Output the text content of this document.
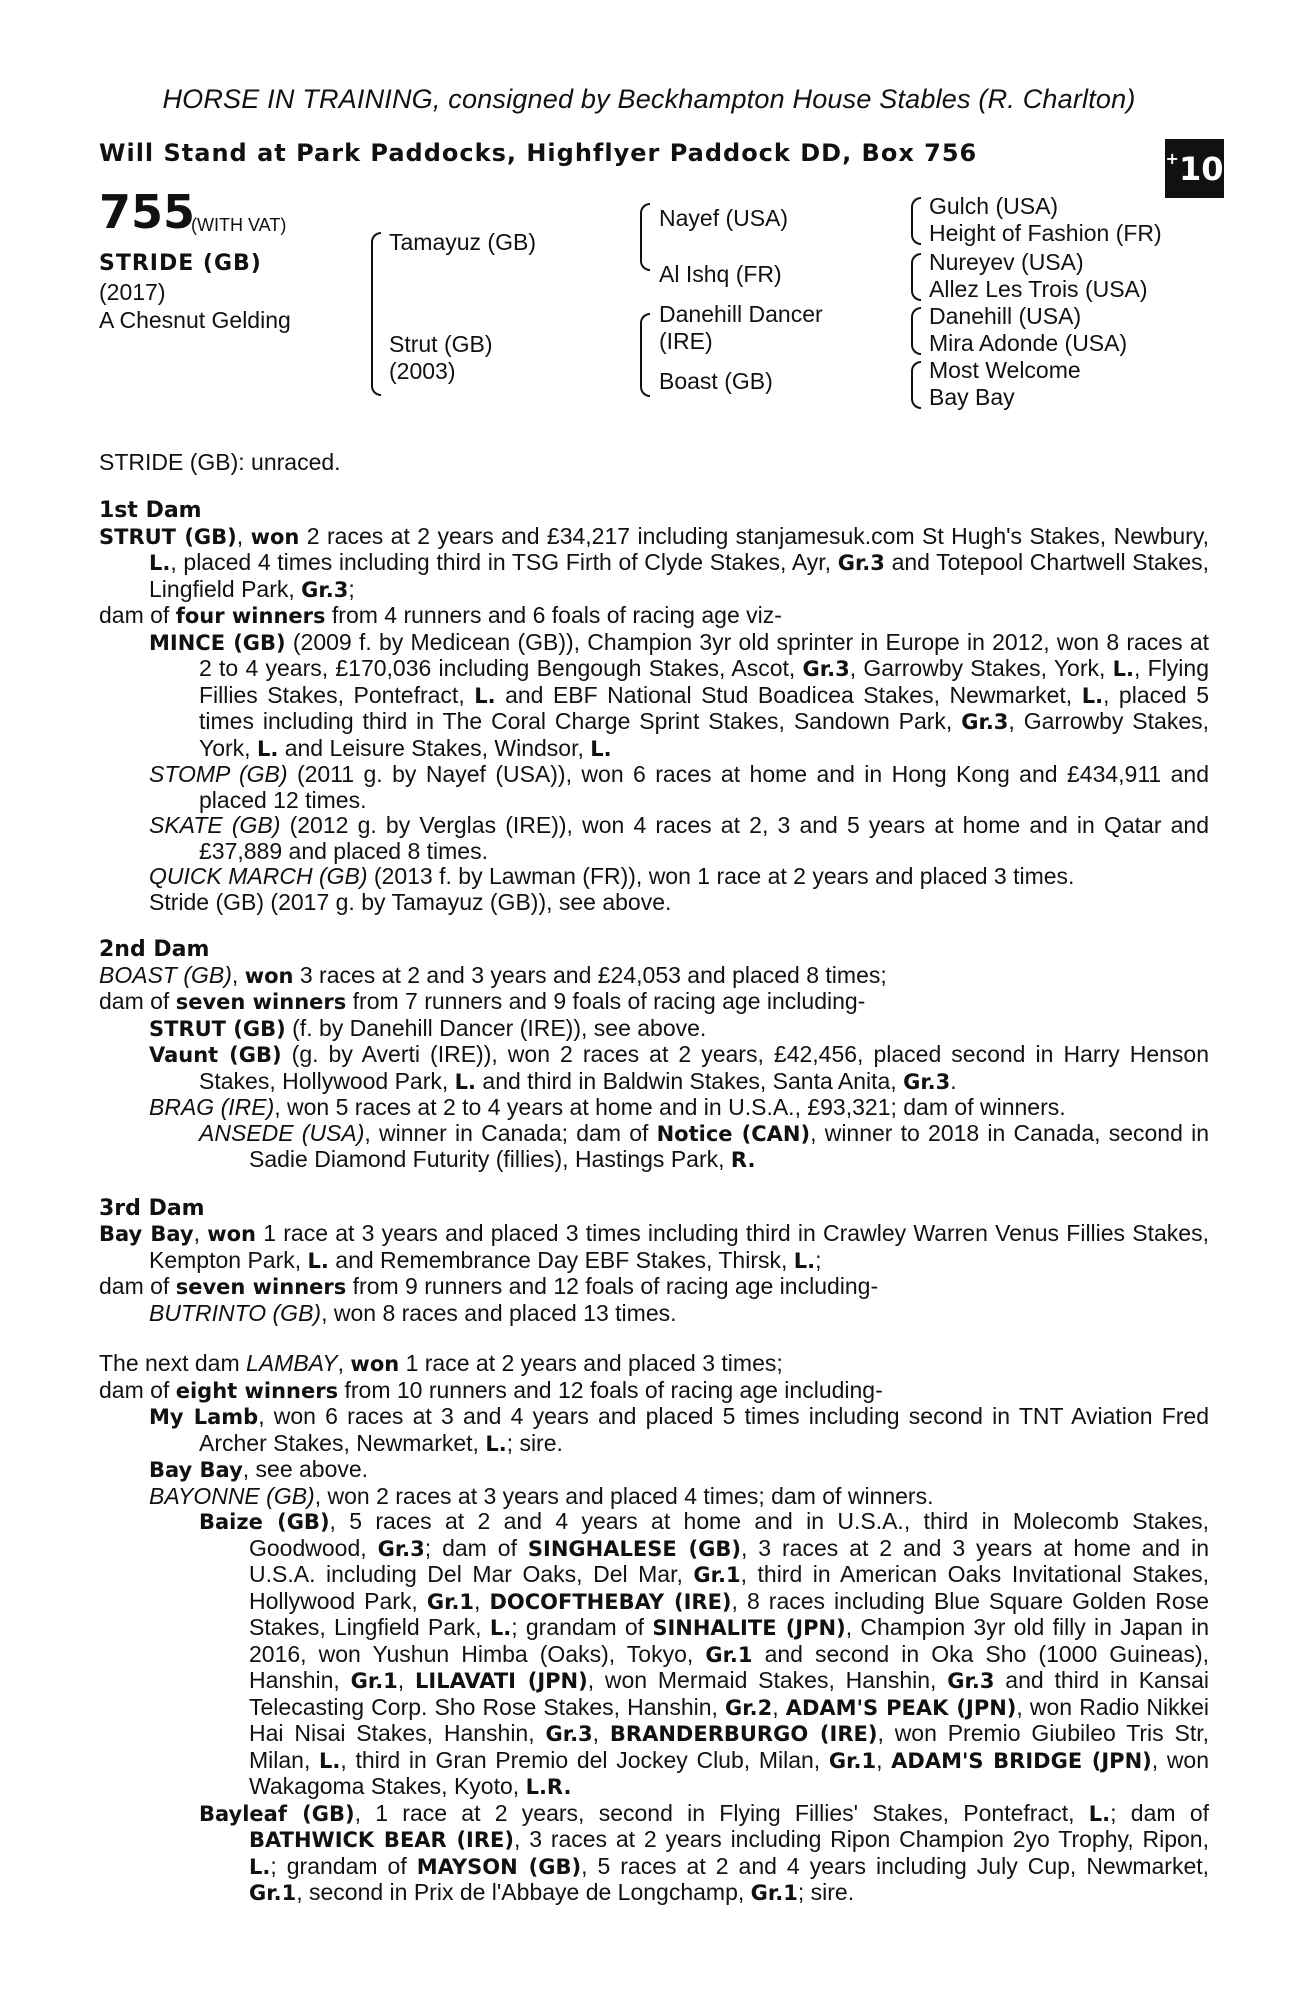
+ 10
HORSE IN TRAINING, consigned by Beckhampton House Stables (R. Charlton)
Will Stand at Park Paddocks, Highflyer Paddock DD, Box 756
755
(WITH VAT)
STRIDE (GB)
(2017)
A Chesnut Gelding
Tamayuz (GB)
Strut (GB)
(2003)
Nayef (USA)
Al Ishq (FR)
Danehill Dancer
(IRE)
Boast (GB)
Gulch (USA)
Height of Fashion (FR)
Nureyev (USA)
Allez Les Trois (USA)
Danehill (USA)
Mira Adonde (USA)
Most Welcome
Bay Bay
STRIDE (GB): unraced.
1st Dam

STRUT (GB), won 2 races at 2 years and £34,217 including stanjamesuk.com St Hugh's Stakes, Newbury, L., placed 4 times including third in TSG Firth of Clyde Stakes, Ayr, Gr.3 and Totepool Chartwell Stakes, Lingfield Park, Gr.3;

dam of four winners from 4 runners and 6 foals of racing age viz-

MINCE (GB) (2009 f. by Medicean (GB)), Champion 3yr old sprinter in Europe in 2012, won 8 races at 2 to 4 years, £170,036 including Bengough Stakes, Ascot, Gr.3, Garrowby Stakes, York, L., Flying Fillies Stakes, Pontefract, L. and EBF National Stud Boadicea Stakes, Newmarket, L., placed 5 times including third in The Coral Charge Sprint Stakes, Sandown Park, Gr.3, Garrowby Stakes, York, L. and Leisure Stakes, Windsor, L.

STOMP (GB) (2011 g. by Nayef (USA)), won 6 races at home and in Hong Kong and £434,911 and placed 12 times.

SKATE (GB) (2012 g. by Verglas (IRE)), won 4 races at 2, 3 and 5 years at home and in Qatar and £37,889 and placed 8 times.

QUICK MARCH (GB) (2013 f. by Lawman (FR)), won 1 race at 2 years and placed 3 times.

Stride (GB) (2017 g. by Tamayuz (GB)), see above.

2nd Dam

BOAST (GB), won 3 races at 2 and 3 years and £24,053 and placed 8 times;

dam of seven winners from 7 runners and 9 foals of racing age including-

STRUT (GB) (f. by Danehill Dancer (IRE)), see above.

Vaunt (GB) (g. by Averti (IRE)), won 2 races at 2 years, £42,456, placed second in Harry Henson Stakes, Hollywood Park, L. and third in Baldwin Stakes, Santa Anita, Gr.3.

BRAG (IRE), won 5 races at 2 to 4 years at home and in U.S.A., £93,321; dam of winners.

ANSEDE (USA), winner in Canada; dam of Notice (CAN), winner to 2018 in Canada, second in Sadie Diamond Futurity (fillies), Hastings Park, R.

3rd Dam

Bay Bay, won 1 race at 3 years and placed 3 times including third in Crawley Warren Venus Fillies Stakes, Kempton Park, L. and Remembrance Day EBF Stakes, Thirsk, L.;

dam of seven winners from 9 runners and 12 foals of racing age including-

BUTRINTO (GB), won 8 races and placed 13 times.

The next dam LAMBAY, won 1 race at 2 years and placed 3 times;

dam of eight winners from 10 runners and 12 foals of racing age including-

My Lamb, won 6 races at 3 and 4 years and placed 5 times including second in TNT Aviation Fred Archer Stakes, Newmarket, L.; sire.

Bay Bay, see above.

BAYONNE (GB), won 2 races at 3 years and placed 4 times; dam of winners.

Baize (GB), 5 races at 2 and 4 years at home and in U.S.A., third in Molecomb Stakes, Goodwood, Gr.3; dam of SINGHALESE (GB), 3 races at 2 and 3 years at home and in U.S.A. including Del Mar Oaks, Del Mar, Gr.1, third in American Oaks Invitational Stakes, Hollywood Park, Gr.1, DOCOFTHEBAY (IRE), 8 races including Blue Square Golden Rose Stakes, Lingfield Park, L.; grandam of SINHALITE (JPN), Champion 3yr old filly in Japan in 2016, won Yushun Himba (Oaks), Tokyo, Gr.1 and second in Oka Sho (1000 Guineas), Hanshin, Gr.1, LILAVATI (JPN), won Mermaid Stakes, Hanshin, Gr.3 and third in Kansai Telecasting Corp. Sho Rose Stakes, Hanshin, Gr.2, ADAM'S PEAK (JPN), won Radio Nikkei Hai Nisai Stakes, Hanshin, Gr.3, BRANDERBURGO (IRE), won Premio Giubileo Tris Str, Milan, L., third in Gran Premio del Jockey Club, Milan, Gr.1, ADAM'S BRIDGE (JPN), won Wakagoma Stakes, Kyoto, L.R.

Bayleaf (GB), 1 race at 2 years, second in Flying Fillies' Stakes, Pontefract, L.; dam of BATHWICK BEAR (IRE), 3 races at 2 years including Ripon Champion 2yo Trophy, Ripon, L.; grandam of MAYSON (GB), 5 races at 2 and 4 years including July Cup, Newmarket, Gr.1, second in Prix de l'Abbaye de Longchamp, Gr.1; sire.
